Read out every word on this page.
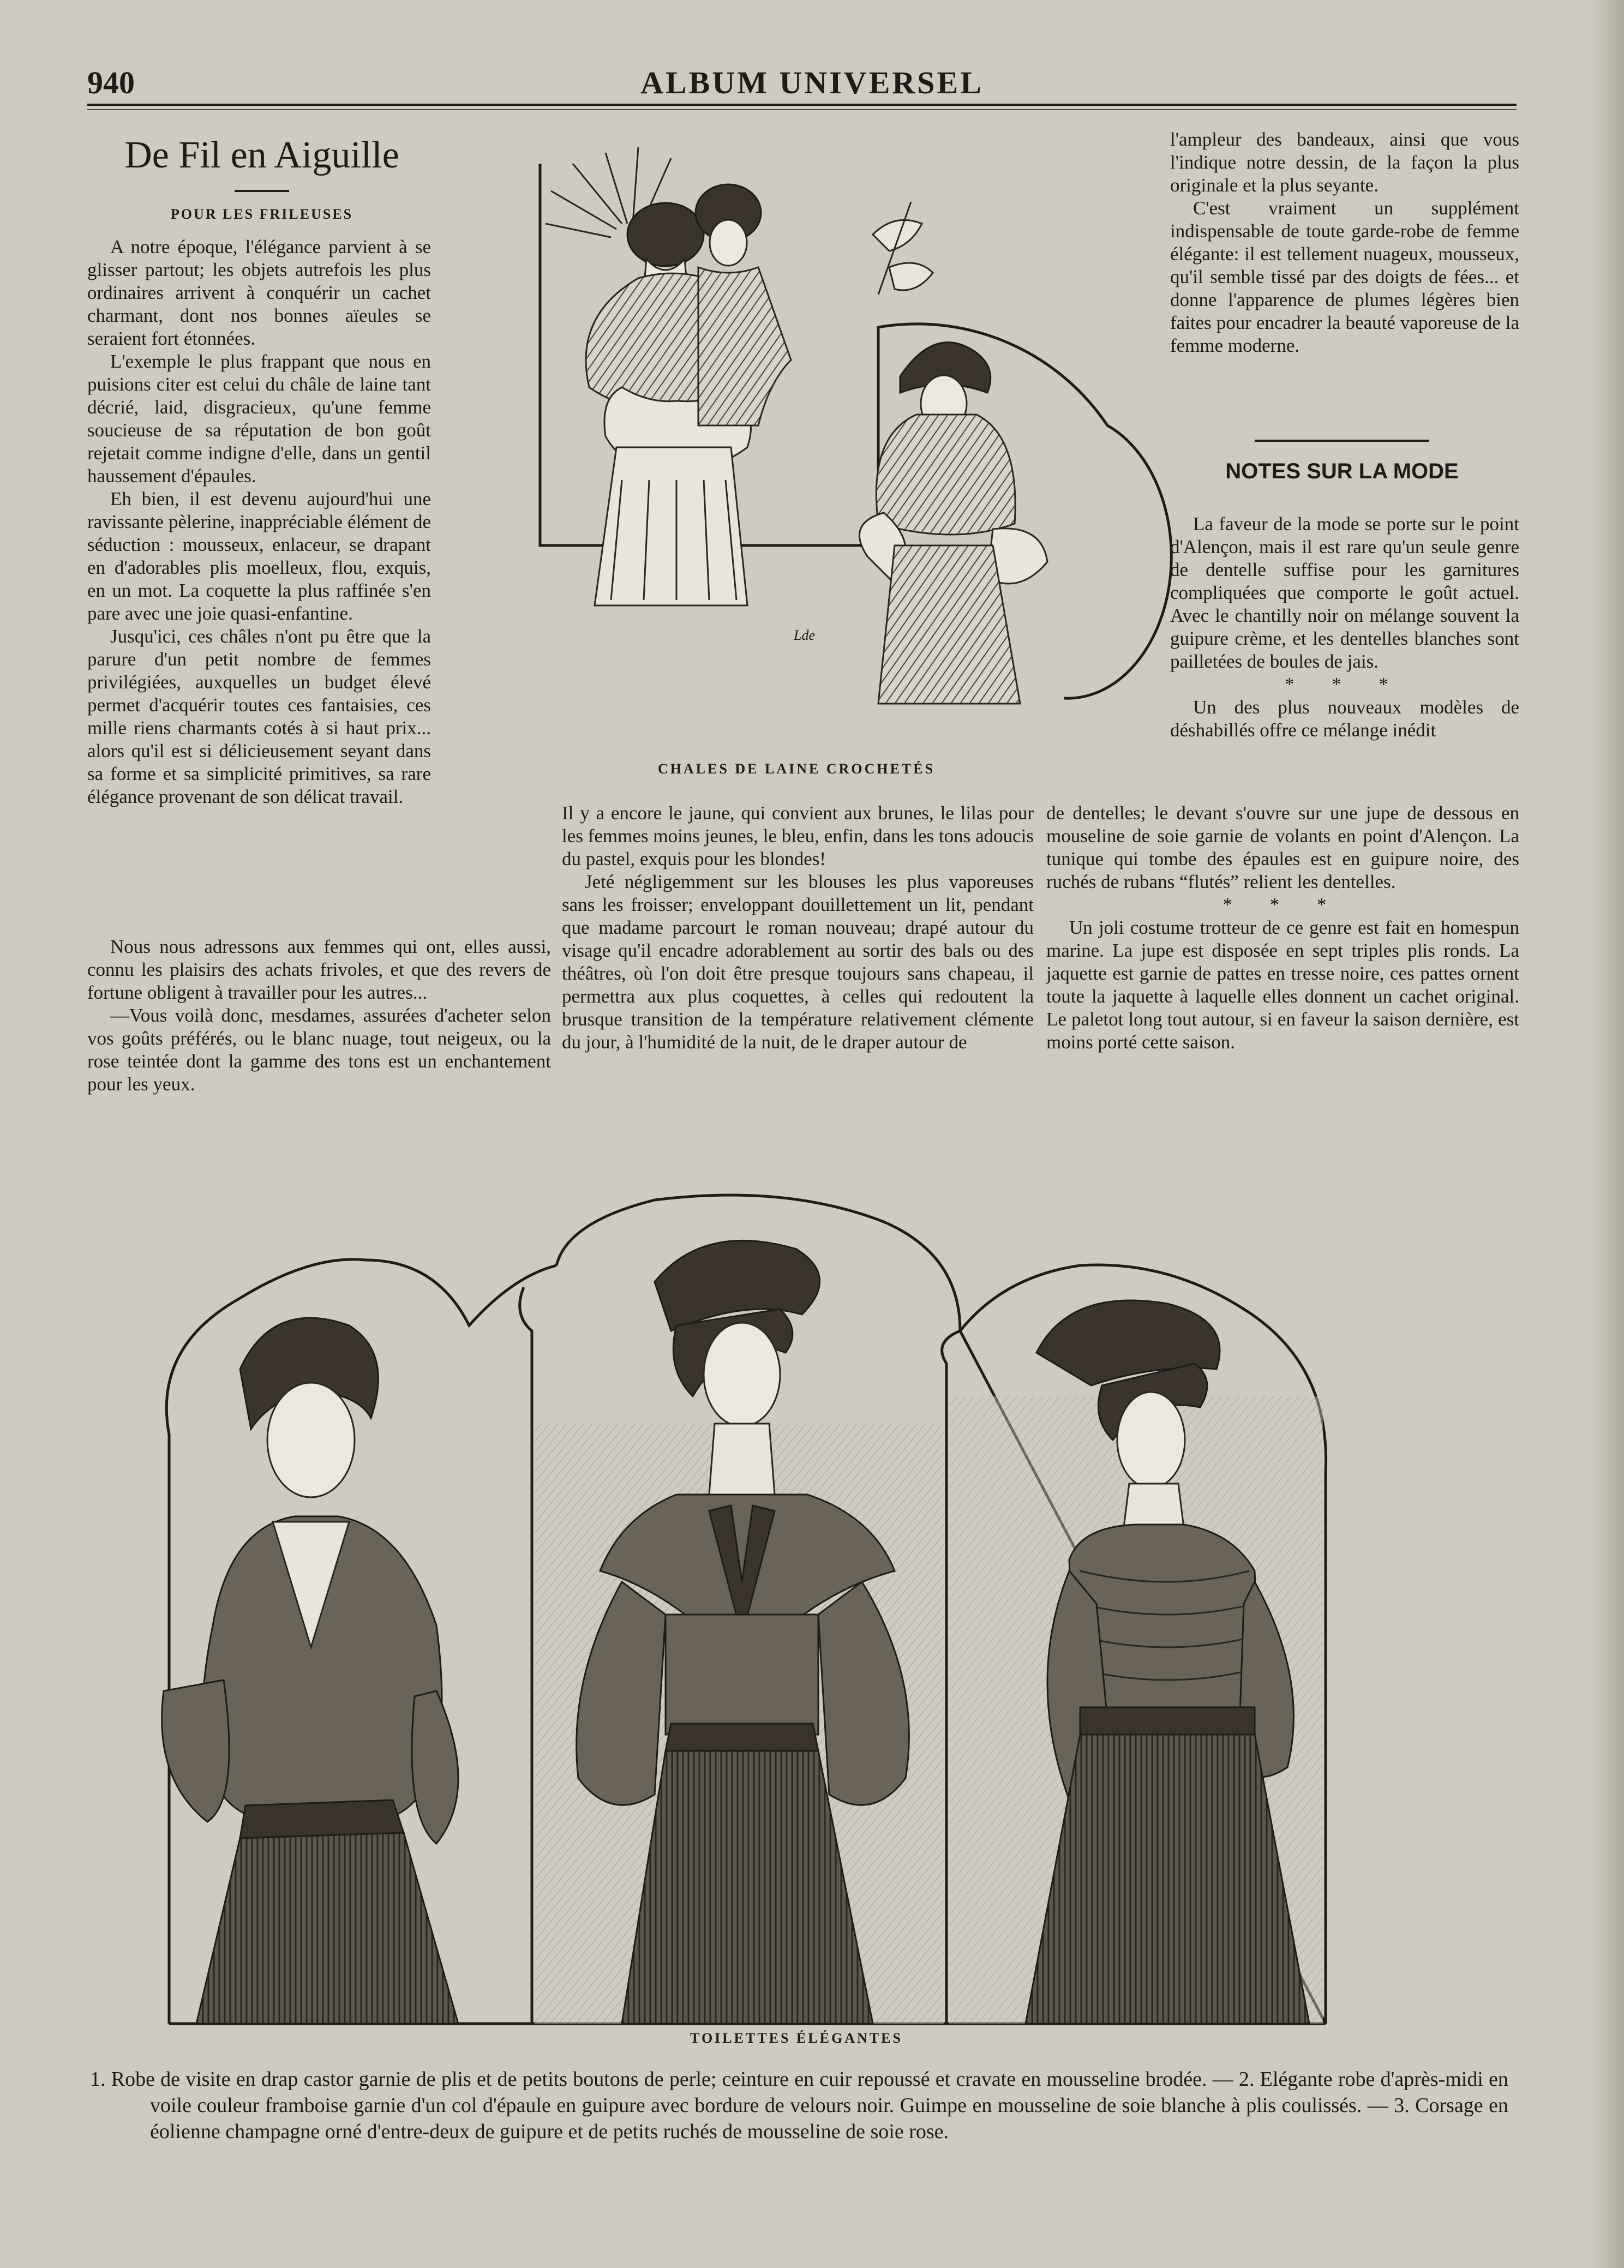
940	ALBUM UNIVERSEL
De Fil en Aiguille
POUR LES FRILEUSES

A notre époque, l'élégance parvient à se glisser partout; les objets autrefois les plus ordinaires arrivent à conquérir un cachet charmant, dont nos bonnes aïeules se seraient fort étonnées.

L'exemple le plus frappant que nous en puisions citer est celui du châle de laine tant décrié, laid, disgracieux, qu'une femme soucieuse de sa réputation de bon goût rejetait comme indigne d'elle, dans un gentil haussement d'épaules.

Eh bien, il est devenu aujourd'hui une ravissante pèlerine, inappréciable élément de séduction : mousseux, enlaceur, se drapant en d'adorables plis moelleux, flou, exquis, en un mot. La coquette la plus raffinée s'en pare avec une joie quasi-enfantine.

Jusqu'ici, ces châles n'ont pu être que la parure d'un petit nombre de femmes privilégiées, auxquelles un budget élevé permet d'acquérir toutes ces fantaisies, ces mille riens charmants cotés à si haut prix... alors qu'il est si délicieusement seyant dans sa forme et sa simplicité primitives, sa rare élégance provenant de son délicat travail.

Nous nous adressons aux femmes qui ont, elles aussi, connu les plaisirs des achats frivoles, et que des revers de fortune obligent à travailler pour les autres...

—Vous voilà donc, mesdames, assurées d'acheter selon vos goûts préférés, ou le blanc nuage, tout neigeux, ou la rose teintée dont la gamme des tons est un enchantement pour les yeux.

Il y a encore le jaune, qui convient aux brunes, le lilas pour les femmes moins jeunes, le bleu, enfin, dans les tons adoucis du pastel, exquis pour les blondes!

Jeté négligemment sur les blouses les plus vaporeuses sans les froisser; enveloppant douillettement un lit, pendant que madame parcourt le roman nouveau; drapé autour du visage qu'il encadre adorablement au sortir des bals ou des théâtres, où l'on doit être presque toujours sans chapeau, il permettra aux plus coquettes, à celles qui redoutent la brusque transition de la température relativement clémente du jour, à l'humidité de la nuit, de le draper autour de

l'ampleur des bandeaux, ainsi que vous l'indique notre dessin, de la façon la plus originale et la plus seyante.

C'est vraiment un supplément indispensable de toute garde-robe de femme élégante: il est tellement nuageux, mousseux, qu'il semble tissé par des doigts de fées... et donne l'apparence de plumes légères bien faites pour encadrer la beauté vaporeuse de la femme moderne.

NOTES SUR LA MODE

La faveur de la mode se porte sur le point d'Alençon, mais il est rare qu'un seule genre de dentelle suffise pour les garnitures compliquées que comporte le goût actuel. Avec le chantilly noir on mélange souvent la guipure crème, et les dentelles blanches sont pailletées de boules de jais.

* * *

Un des plus nouveaux modèles de déshabillés offre ce mélange inédit

de dentelles; le devant s'ouvre sur une jupe de dessous en mouseline de soie garnie de volants en point d'Alençon. La tunique qui tombe des épaules est en guipure noire, des ruchés de rubans “flutés” relient les dentelles.

* * *

Un joli costume trotteur de ce genre est fait en homespun marine. La jupe est disposée en sept triples plis ronds. La jaquette est garnie de pattes en tresse noire, ces pattes ornent toute la jaquette à laquelle elles donnent un cachet original. Le paletot long tout autour, si en faveur la saison dernière, est moins porté cette saison.

CHALES DE LAINE CROCHETÉS
TOILETTES ÉLÉGANTES

1. Robe de visite en drap castor garnie de plis et de petits boutons de perle; ceinture en cuir repoussé et cravate en mousseline brodée. — 2. Elégante robe d'après-midi en voile couleur framboise garnie d'un col d'épaule en guipure avec bordure de velours noir. Guimpe en mousseline de soie blanche à plis coulissés. — 3. Corsage en éolienne champagne orné d'entre-deux de guipure et de petits ruchés de mousseline de soie rose.

Lde
